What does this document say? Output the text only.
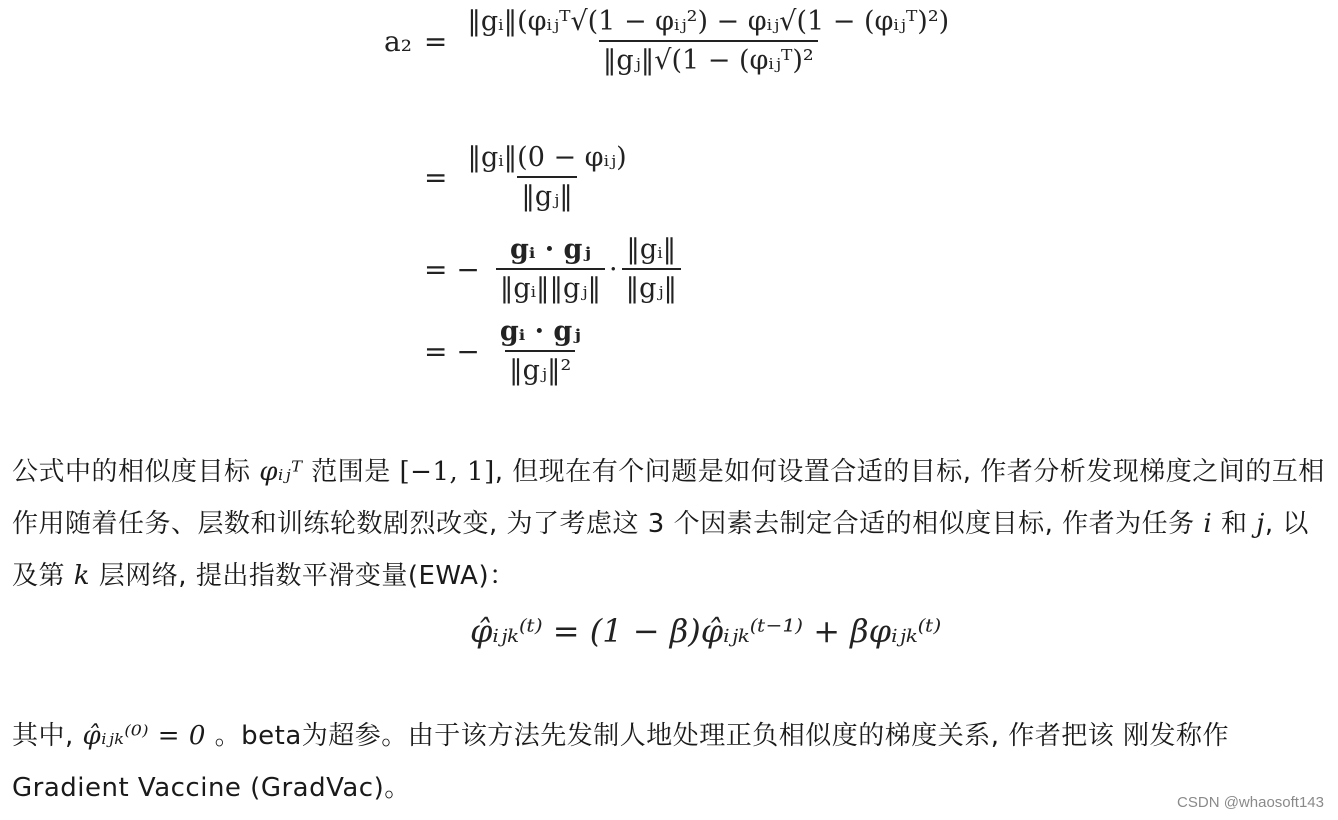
$a_2 = \frac{\text{‖gᵢ‖(φᵢⱼᵀ√(1 − φᵢⱼ²) − φᵢⱼ√(1 − (φᵢⱼᵀ)²)}}{\text{‖gⱼ‖√(1 − (φᵢⱼᵀ)²}}$
= $\frac{\text{‖gᵢ‖(0 − φᵢⱼ)}}{\text{‖gⱼ‖}}$
= − $\frac{\text{gᵢ · gⱼ}}{\text{‖gᵢ‖‖gⱼ‖}} \cdot \frac{\text{‖gᵢ‖}}{\text{‖gⱼ‖}}$
= − $\frac{\text{gᵢ · gⱼ}}{\text{‖gⱼ‖²}}$
公式中的相似度目标 φᵢⱼᵀ 范围是 [−1, 1], 但现在有个问题是如何设置合适的目标, 作者分析发现梯度之间的互相作用随着任务、层数和训练轮数剧烈改变, 为了考虑这 3 个因素去制定合适的相似度目标, 作者为任务 i 和 j, 以及第 k 层网络, 提出指数平滑变量(EWA)：
φ̂ᵢⱼₖ⁽ᵗ⁾ = (1 − β)φ̂ᵢⱼₖ⁽ᵗ⁻¹⁾ + βφᵢⱼₖ⁽ᵗ⁾
其中, φ̂ᵢⱼₖ⁽⁰⁾ = 0 。beta为超参。由于该方法先发制人地处理正负相似度的梯度关系, 作者把该 刚发称作Gradient Vaccine (GradVac)。	CSDN @whaosoft143
